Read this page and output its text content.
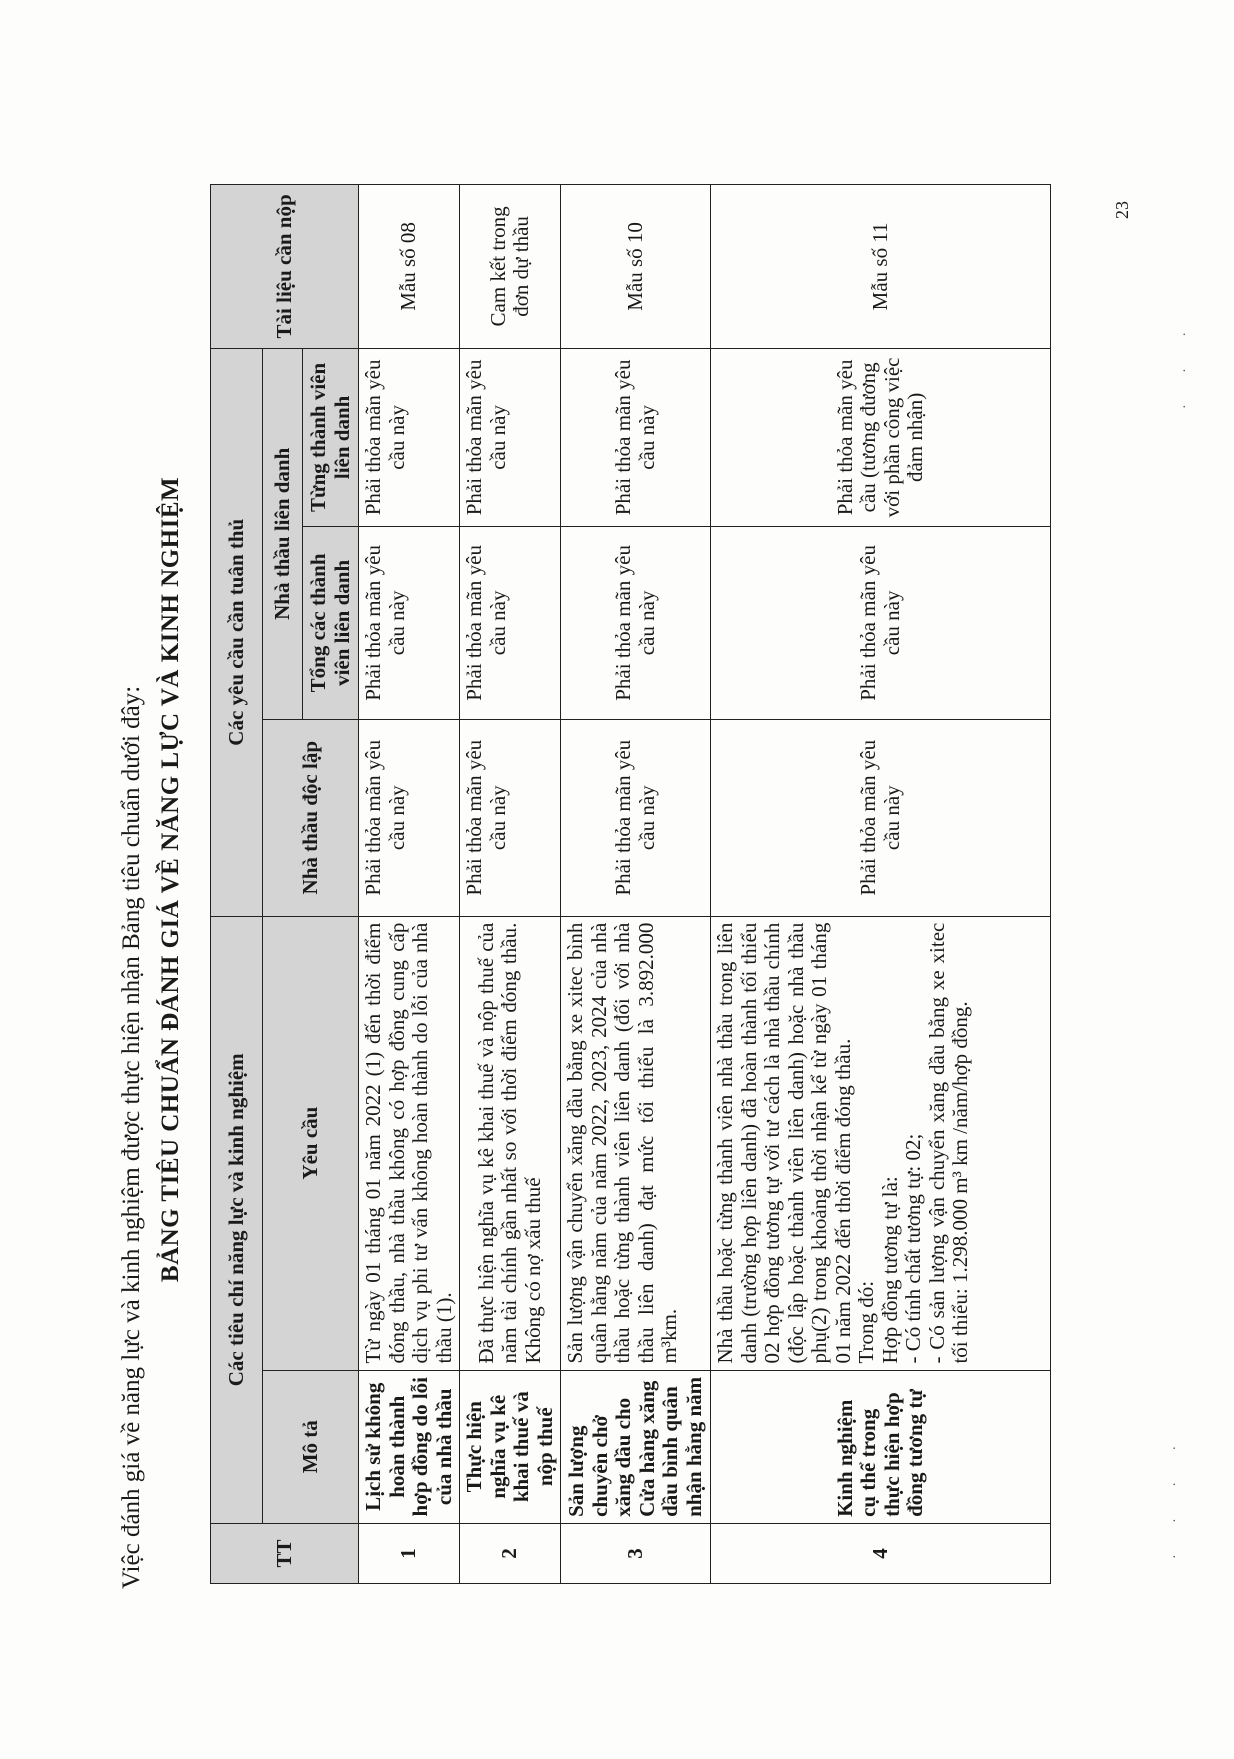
· · · ·
· · ·
Việc đánh giá về năng lực và kinh nghiệm được thực hiện nhận Bảng tiêu chuẩn dưới đây: BẢNG TIÊU CHUẨN ĐÁNH GIÁ VỀ NĂNG LỰC VÀ KINH NGHIỆM
TT	Các tiêu chí năng lực và kinh nghiệm		Các yêu cầu cần tuân thủ			Tài liệu cần nộp
	Mô tả	Yêu cầu	Nhà thầu độc lập	Nhà thầu liên danh		
				Tổng các thành viên liên danh	Từng thành viên liên danh	
1	Lịch sử không hoàn thành hợp đồng do lỗi của nhà thầu	Từ ngày 01 tháng 01 năm 2022 (1) đến thời điểm đóng thầu, nhà thầu không có hợp đồng cung cấp dịch vụ phi tư vấn không hoàn thành do lỗi của nhà thầu (1).	Phải thỏa mãn yêu cầu này	Phải thỏa mãn yêu cầu này	Phải thỏa mãn yêu cầu này	Mẫu số 08
2	Thực hiện nghĩa vụ kê khai thuế và nộp thuế	Đã thực hiện nghĩa vụ kê khai thuế và nộp thuế của năm tài chính gần nhất so với thời điểm đóng thầu. Không có nợ xấu thuế	Phải thỏa mãn yêu cầu này	Phải thỏa mãn yêu cầu này	Phải thỏa mãn yêu cầu này	Cam kết trong đơn dự thầu
3	Sản lượng chuyên chở xăng dầu cho Cửa hàng xăng dầu bình quân nhận hằng năm	Sản lượng vận chuyển xăng dầu bằng xe xitec bình quân hằng năm của năm 2022, 2023, 2024 của nhà thầu hoặc từng thành viên liên danh (đối với nhà thầu liên danh) đạt mức tối thiểu là 3.892.000 m³km.	Phải thỏa mãn yêu cầu này	Phải thỏa mãn yêu cầu này	Phải thỏa mãn yêu cầu này	Mẫu số 10
4	Kinh nghiệm cụ thể trong thực hiện hợp đồng tương tự	Nhà thầu hoặc từng thành viên nhà thầu trong liên danh (trường hợp liên danh) đã hoàn thành tối thiểu 02 hợp đồng tương tự với tư cách là nhà thầu chính (độc lập hoặc thành viên liên danh) hoặc nhà thầu phụ(2) trong khoảng thời nhận kể từ ngày 01 tháng 01 năm 2022 đến thời điểm đóng thầu. Trong đó: Hợp đồng tương tự là: - Có tính chất tương tự: 02; - Có sản lượng vận chuyển xăng dầu bằng xe xitec tối thiểu: 1.298.000 m³ km /năm/hợp đồng.	Phải thỏa mãn yêu cầu này	Phải thỏa mãn yêu cầu này	Phải thỏa mãn yêu cầu (tương đương với phần công việc đảm nhận)	Mẫu số 11
23
